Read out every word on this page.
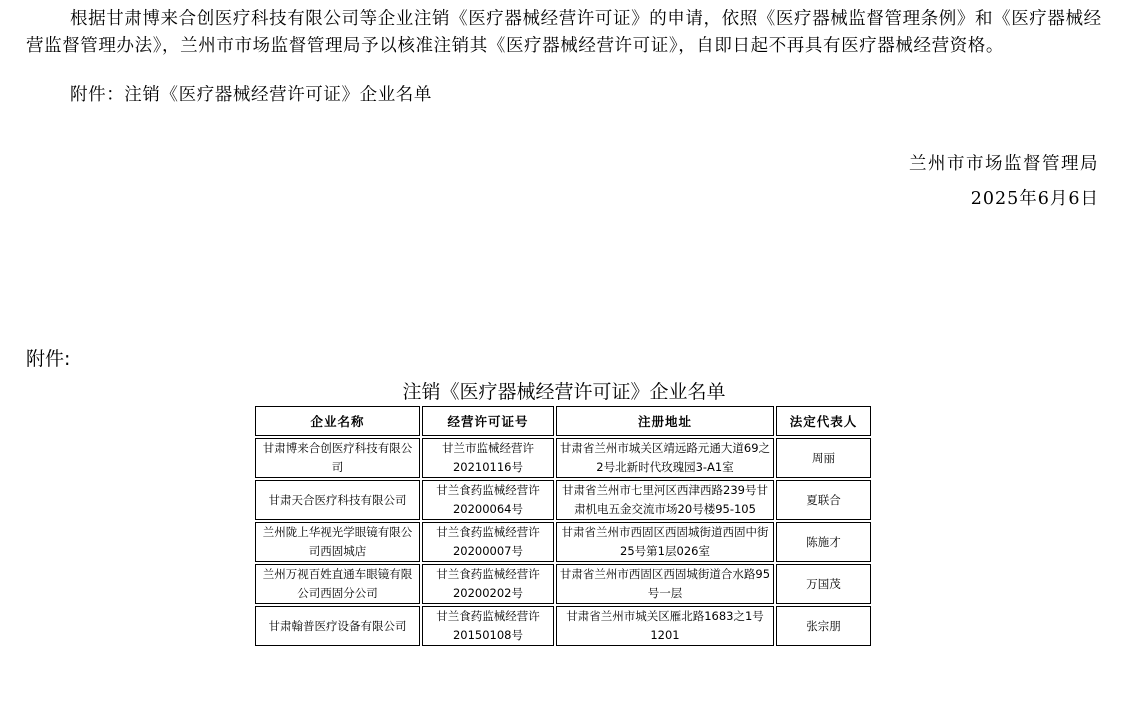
根据甘肃博来合创医疗科技有限公司等企业注销《医疗器械经营许可证》的申请，依照《医疗器械监督管理条例》和《医疗器械经营监督管理办法》，兰州市市场监督管理局予以核准注销其《医疗器械经营许可证》，自即日起不再具有医疗器械经营资格。

附件：注销《医疗器械经营许可证》企业名单

兰州市市场监督管理局

2025年6月6日

附件:

注销《医疗器械经营许可证》企业名单

企业名称	经营许可证号	注册地址	法定代表人
甘肃博来合创医疗科技有限公司	甘兰市监械经营许20210116号	甘肃省兰州市城关区靖远路元通大道69之2号北新时代玫瑰园3-A1室	周丽
甘肃天合医疗科技有限公司	甘兰食药监械经营许20200064号	甘肃省兰州市七里河区西津西路239号甘肃机电五金交流市场20号楼95-105	夏联合
兰州陇上华视光学眼镜有限公司西固城店	甘兰食药监械经营许20200007号	甘肃省兰州市西固区西固城街道西固中街25号第1层026室	陈施才
兰州万视百姓直通车眼镜有限公司西固分公司	甘兰食药监械经营许20200202号	甘肃省兰州市西固区西固城街道合水路95号一层	万国茂
甘肃翰普医疗设备有限公司	甘兰食药监械经营许20150108号	甘肃省兰州市城关区雁北路1683之1号1201	张宗朋
